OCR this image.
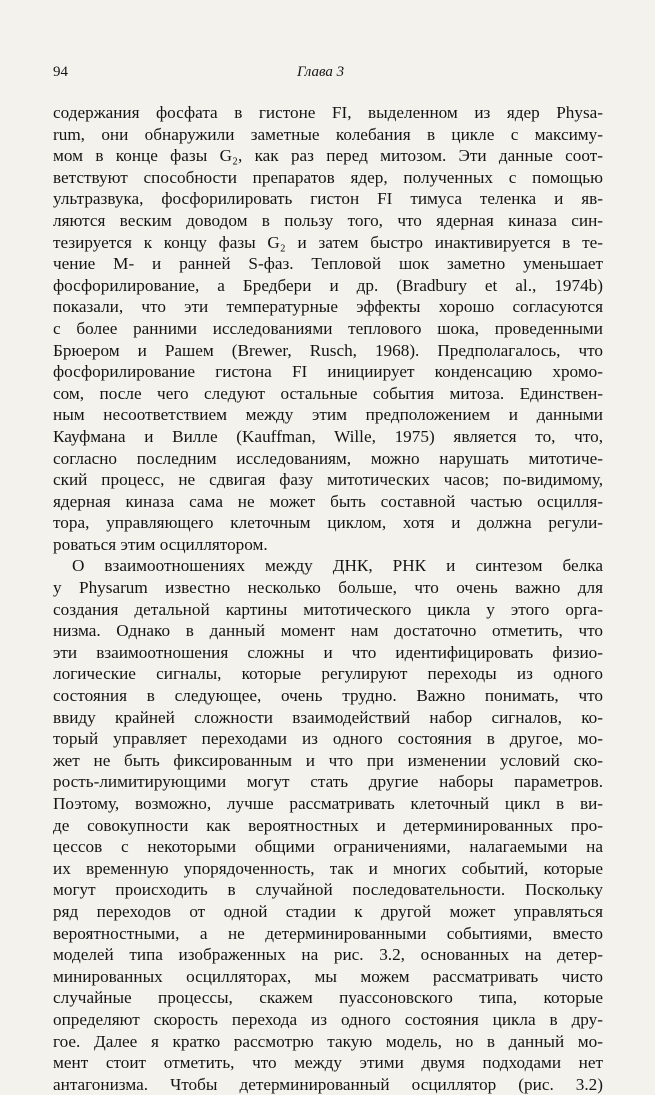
94	Глава 3
содержания фосфата в гистоне FI, выделенном из ядер Physa-
rum, они обнаружили заметные колебания в цикле с максиму-
мом в конце фазы G₂, как раз перед митозом. Эти данные соот-
ветствуют способности препаратов ядер, полученных с помощью
ультразвука, фосфорилировать гистон FI тимуса теленка и яв-
ляются веским доводом в пользу того, что ядерная киназа син-
тезируется к концу фазы G₂ и затем быстро инактивируется в те-
чение M- и ранней S-фаз. Тепловой шок заметно уменьшает
фосфорилирование, а Бредбери и др. (Bradbury et al., 1974b)
показали, что эти температурные эффекты хорошо согласуются
с более ранними исследованиями теплового шока, проведенными
Брюером и Рашем (Brewer, Rusch, 1968). Предполагалось, что
фосфорилирование гистона FI инициирует конденсацию хромо-
сом, после чего следуют остальные события митоза. Единствен-
ным несоответствием между этим предположением и данными
Кауфмана и Вилле (Kauffman, Wille, 1975) является то, что,
согласно последним исследованиям, можно нарушать митотиче-
ский процесс, не сдвигая фазу митотических часов; по-видимому,
ядерная киназа сама не может быть составной частью осцилля-
тора, управляющего клеточным циклом, хотя и должна регули-
роваться этим осциллятором.
О взаимоотношениях между ДНК, РНК и синтезом белка
у Physarum известно несколько больше, что очень важно для
создания детальной картины митотического цикла у этого орга-
низма. Однако в данный момент нам достаточно отметить, что
эти взаимоотношения сложны и что идентифицировать физио-
логические сигналы, которые регулируют переходы из одного
состояния в следующее, очень трудно. Важно понимать, что
ввиду крайней сложности взаимодействий набор сигналов, ко-
торый управляет переходами из одного состояния в другое, мо-
жет не быть фиксированным и что при изменении условий ско-
рость-лимитирующими могут стать другие наборы параметров.
Поэтому, возможно, лучше рассматривать клеточный цикл в ви-
де совокупности как вероятностных и детерминированных про-
цессов с некоторыми общими ограничениями, налагаемыми на
их временную упорядоченность, так и многих событий, которые
могут происходить в случайной последовательности. Поскольку
ряд переходов от одной стадии к другой может управляться
вероятностными, а не детерминированными событиями, вместо
моделей типа изображенных на рис. 3.2, основанных на детер-
минированных осцилляторах, мы можем рассматривать чисто
случайные процессы, скажем пуассоновского типа, которые
определяют скорость перехода из одного состояния цикла в дру-
гое. Далее я кратко рассмотрю такую модель, но в данный мо-
мент стоит отметить, что между этими двумя подходами нет
антагонизма. Чтобы детерминированный осциллятор (рис. 3.2)
